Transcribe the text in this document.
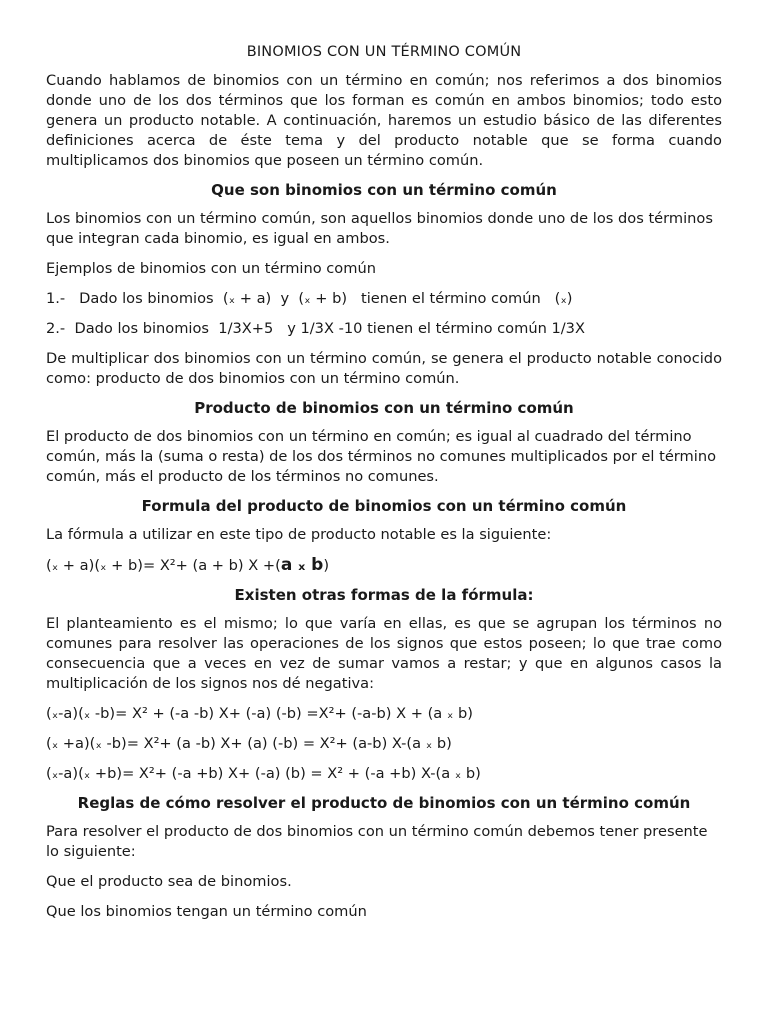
BINOMIOS CON UN TÉRMINO COMÚN

Cuando hablamos de binomios con un término en común; nos referimos a dos binomios donde uno de los dos términos que los forman es común en ambos binomios; todo esto genera un producto notable. A continuación, haremos un estudio básico de las diferentes definiciones acerca de éste tema y del producto notable que se forma cuando multiplicamos dos binomios que poseen un término común.

Que son binomios con un término común

Los binomios con un término común, son aquellos binomios donde uno de los dos términos que integran cada binomio, es igual en ambos.

Ejemplos de binomios con un término común

1.-   Dado los binomios  (ₓ + a)  y  (ₓ + b)   tienen el término común   (ₓ)

2.-  Dado los binomios  1/3X+5   y 1/3X -10 tienen el término común 1/3X

De multiplicar dos binomios con un término común, se genera el producto notable conocido como: producto de dos binomios con un término común.

Producto de binomios con un término común

El producto de dos binomios con un término en común; es igual al cuadrado del término común, más la (suma o resta) de los dos términos no comunes multiplicados por el término común, más el producto de los términos no comunes.

Formula del producto de binomios con un término común

La fórmula a utilizar en este tipo de producto notable es la siguiente:

(ₓ + a)(ₓ + b)= X²+ (a + b) X +(a ₓ b)

Existen otras formas de la fórmula:

El planteamiento es el mismo; lo que varía en ellas, es que se agrupan los términos no comunes para resolver las operaciones de los signos que estos poseen; lo que trae como consecuencia que a veces en vez de sumar vamos a restar; y que en algunos casos la multiplicación de los signos nos dé negativa:

(ₓ-a)(ₓ -b)= X² + (-a -b) X+ (-a) (-b) =X²+ (-a-b) X + (a ₓ b)

(ₓ +a)(ₓ -b)= X²+ (a -b) X+ (a) (-b) = X²+ (a-b) X-(a ₓ b)

(ₓ-a)(ₓ +b)= X²+ (-a +b) X+ (-a) (b) = X² + (-a +b) X-(a ₓ b)

Reglas de cómo resolver el producto de binomios con un término común

Para resolver el producto de dos binomios con un término común debemos tener presente lo siguiente:

Que el producto sea de binomios.

Que los binomios tengan un término común
